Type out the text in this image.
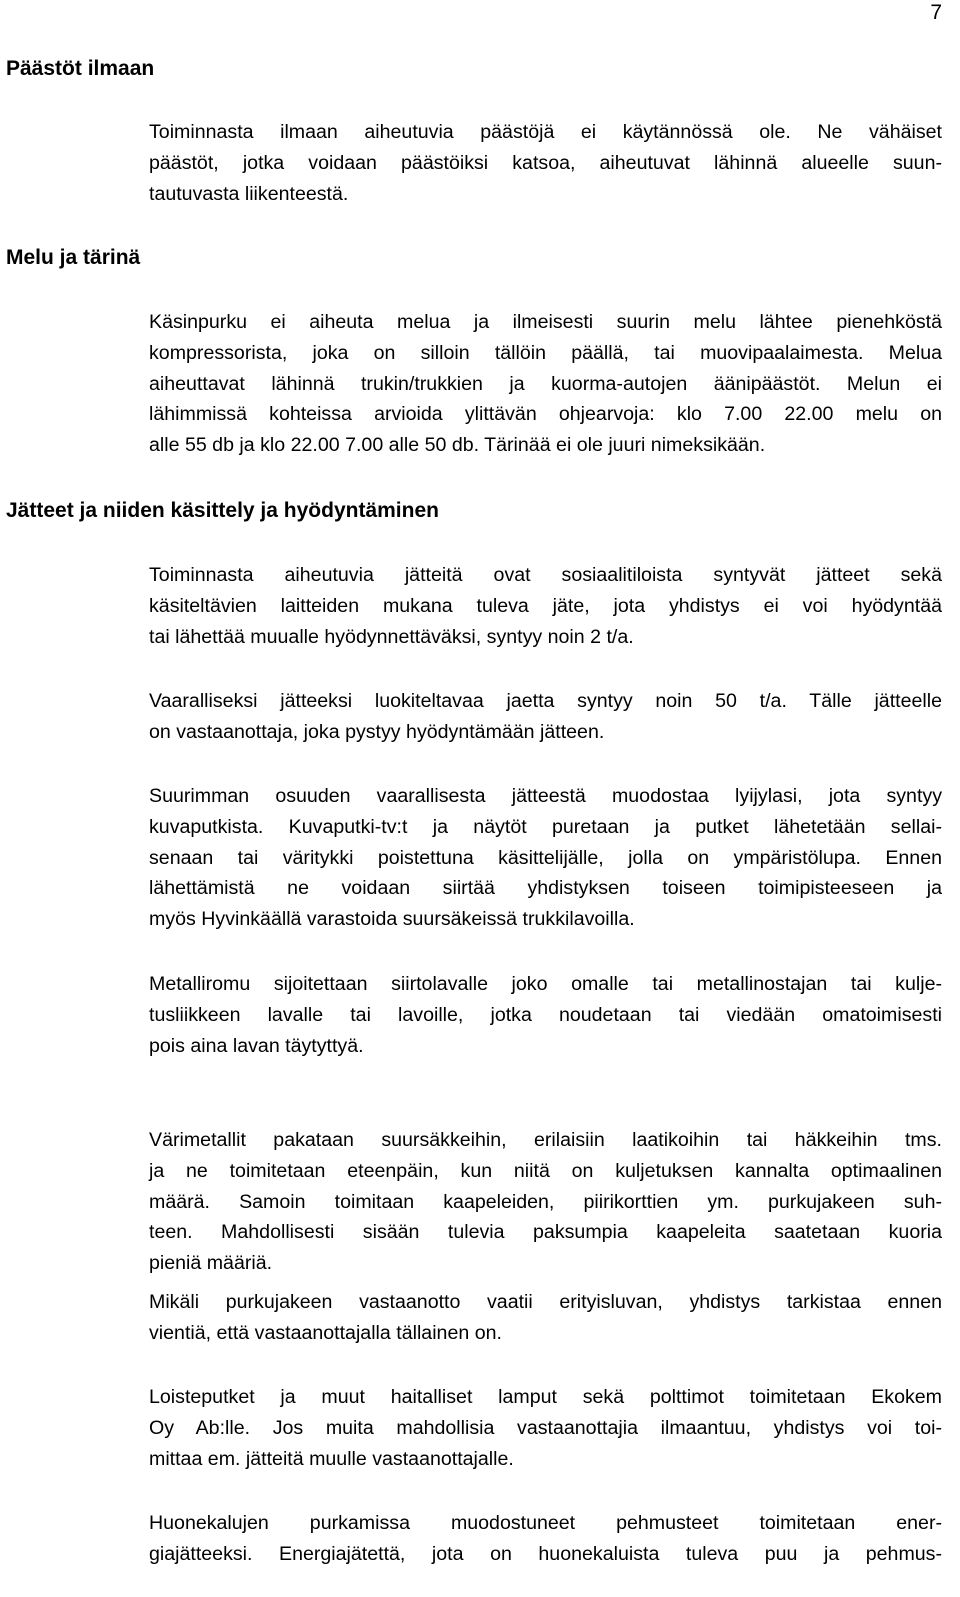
7
Päästöt ilmaan
Toiminnasta ilmaan aiheutuvia päästöjä ei käytännössä ole. Ne vähäiset
päästöt, jotka voidaan päästöiksi katsoa, aiheutuvat lähinnä alueelle suun-
tautuvasta liikenteestä.
Melu ja tärinä
Käsinpurku ei aiheuta melua ja ilmeisesti suurin melu lähtee pienehköstä
kompressorista, joka on silloin tällöin päällä, tai muovipaalaimesta. Melua
aiheuttavat lähinnä trukin/trukkien ja kuorma-autojen äänipäästöt. Melun ei
lähimmissä kohteissa arvioida ylittävän ohjearvoja: klo 7.00 22.00 melu on
alle 55 db ja klo 22.00 7.00 alle 50 db. Tärinää ei ole juuri nimeksikään.
Jätteet ja niiden käsittely ja hyödyntäminen
Toiminnasta aiheutuvia jätteitä ovat sosiaalitiloista syntyvät jätteet sekä
käsiteltävien laitteiden mukana tuleva jäte, jota yhdistys ei voi hyödyntää
tai lähettää muualle hyödynnettäväksi, syntyy noin 2 t/a.
Vaaralliseksi jätteeksi luokiteltavaa jaetta syntyy noin 50 t/a. Tälle jätteelle
on vastaanottaja, joka pystyy hyödyntämään jätteen.
Suurimman osuuden vaarallisesta jätteestä muodostaa lyijylasi, jota syntyy
kuvaputkista. Kuvaputki-tv:t ja näytöt puretaan ja putket lähetetään sellai-
senaan tai väritykki poistettuna käsittelijälle, jolla on ympäristölupa. Ennen
lähettämistä ne voidaan siirtää yhdistyksen toiseen toimipisteeseen ja
myös Hyvinkäällä varastoida suursäkeissä trukkilavoilla.
Metalliromu sijoitettaan siirtolavalle joko omalle tai metallinostajan tai kulje-
tusliikkeen lavalle tai lavoille, jotka noudetaan tai viedään omatoimisesti
pois aina lavan täytyttyä.
Värimetallit pakataan suursäkkeihin, erilaisiin laatikoihin tai häkkeihin tms.
ja ne toimitetaan eteenpäin, kun niitä on kuljetuksen kannalta optimaalinen
määrä. Samoin toimitaan kaapeleiden, piirikorttien ym. purkujakeen suh-
teen. Mahdollisesti sisään tulevia paksumpia kaapeleita saatetaan kuoria
pieniä määriä.
Mikäli purkujakeen vastaanotto vaatii erityisluvan, yhdistys tarkistaa ennen
vientiä, että vastaanottajalla tällainen on.
Loisteputket ja muut haitalliset lamput sekä polttimot toimitetaan Ekokem
Oy Ab:lle. Jos muita mahdollisia vastaanottajia ilmaantuu, yhdistys voi toi-
mittaa em. jätteitä muulle vastaanottajalle.
Huonekalujen purkamissa muodostuneet pehmusteet toimitetaan ener-
giajätteeksi. Energiajätettä, jota on huonekaluista tuleva puu ja pehmus-
